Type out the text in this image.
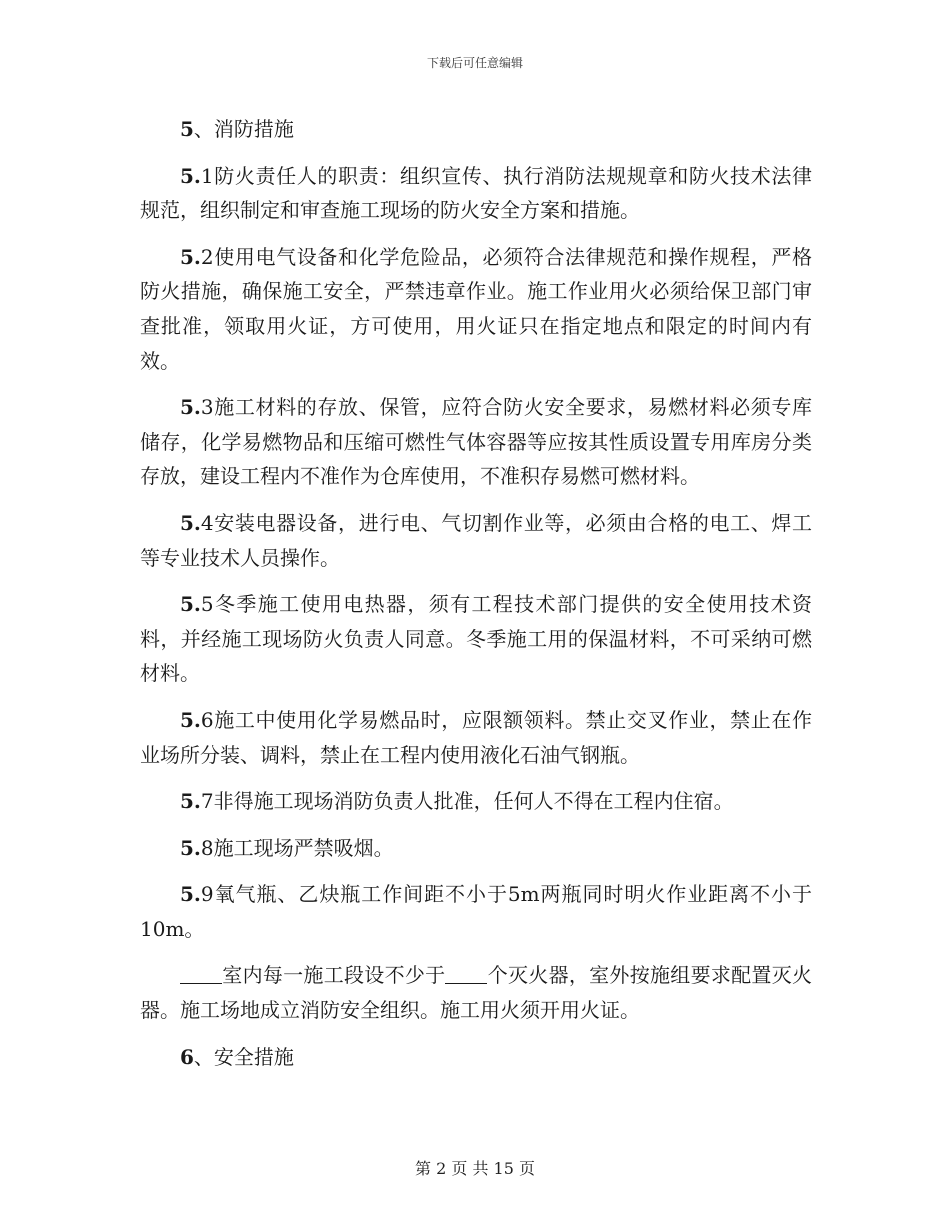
下载后可任意编辑

5、消防措施

5.1防火责任人的职责：组织宣传、执行消防法规规章和防火技术法律规范，组织制定和审查施工现场的防火安全方案和措施。

5.2使用电气设备和化学危险品，必须符合法律规范和操作规程，严格防火措施，确保施工安全，严禁违章作业。施工作业用火必须给保卫部门审查批准，领取用火证，方可使用，用火证只在指定地点和限定的时间内有效。

5.3施工材料的存放、保管，应符合防火安全要求，易燃材料必须专库储存，化学易燃物品和压缩可燃性气体容器等应按其性质设置专用库房分类存放，建设工程内不准作为仓库使用，不准积存易燃可燃材料。

5.4安装电器设备，进行电、气切割作业等，必须由合格的电工、焊工等专业技术人员操作。

5.5冬季施工使用电热器，须有工程技术部门提供的安全使用技术资料，并经施工现场防火负责人同意。冬季施工用的保温材料，不可采纳可燃材料。

5.6施工中使用化学易燃品时，应限额领料。禁止交叉作业，禁止在作业场所分装、调料，禁止在工程内使用液化石油气钢瓶。

5.7非得施工现场消防负责人批准，任何人不得在工程内住宿。

5.8施工现场严禁吸烟。

5.9氧气瓶、乙炔瓶工作间距不小于5m两瓶同时明火作业距离不小于10m。

室内每一施工段设不少于 个灭火器，室外按施组要求配置灭火器。施工场地成立消防安全组织。施工用火须开用火证。

6、安全措施

第 2 页 共 15 页
